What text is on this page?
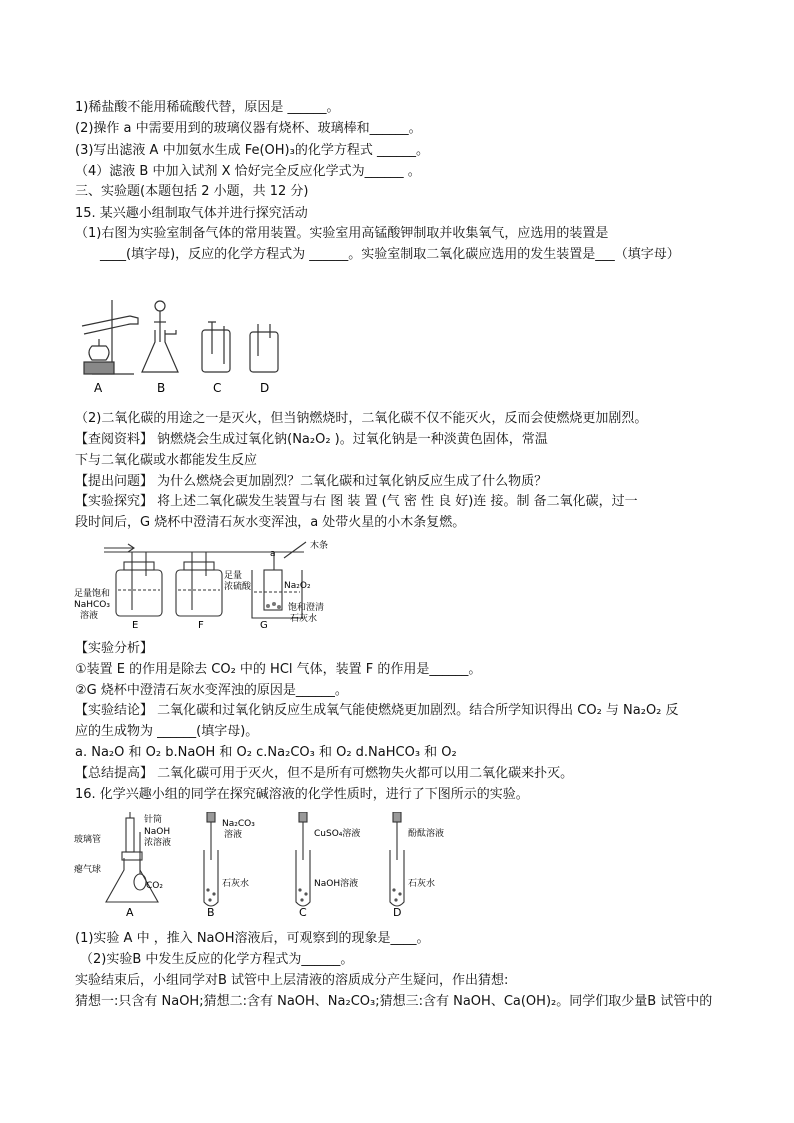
1)稀盐酸不能用稀硫酸代替，原因是 ______。
(2)操作 a 中需要用到的玻璃仪器有烧杯、玻璃棒和______。
(3)写出滤液 A 中加氨水生成 Fe(OH)₃的化学方程式 ______。
（4）滤液 B 中加入试剂 X 恰好完全反应化学式为______ 。
三、实验题(本题包括 2 小题，共 12 分)
15. 某兴趣小组制取气体并进行探究活动
（1)右图为实验室制备气体的常用装置。实验室用高锰酸钾制取并收集氧气，应选用的装置是
____(填字母)，反应的化学方程式为 ______。实验室制取二氧化碳应选用的发生装置是___（填字母）
A	B	C	D
（2)二氧化碳的用途之一是灭火，但当钠燃烧时，二氧化碳不仅不能灭火，反而会使燃烧更加剧烈。
【查阅资料】 钠燃烧会生成过氧化钠(Na₂O₂ )。过氧化钠是一种淡黄色固体，常温
下与二氧化碳或水都能发生反应
【提出问题】 为什么燃烧会更加剧烈？二氧化碳和过氧化钠反应生成了什么物质？
【实验探究】 将上述二氧化碳发生装置与右 图 装 置 (气 密 性 良 好)连 接。制 备二氧化碳，过一
段时间后，G 烧杯中澄清石灰水变浑浊，a 处带火星的小木条复燃。
a
木条
足量饱和
NaHCO₃
溶液
足量
浓硫酸	Na₂O₂
饱和澄清
石灰水
E	F	G
【实验分析】
①装置 E 的作用是除去 CO₂ 中的 HCl 气体，装置 F 的作用是______。
②G 烧杯中澄清石灰水变浑浊的原因是______。
【实验结论】 二氧化碳和过氧化钠反应生成氧气能使燃烧更加剧烈。结合所学知识得出 CO₂ 与 Na₂O₂ 反
应的生成物为 ______(填字母)。
a. Na₂O 和 O₂ b.NaOH 和 O₂ c.Na₂CO₃ 和 O₂ d.NaHCO₃ 和 O₂
【总结提高】 二氧化碳可用于灭火，但不是所有可燃物失火都可以用二氧化碳来扑灭。
16. 化学兴趣小组的同学在探究碱溶液的化学性质时，进行了下图所示的实验。
针筒
NaOH
浓溶液
玻璃管
瘪气球
CO₂
Na₂CO₃
溶液
石灰水
CuSO₄溶液
NaOH溶液
酚酞溶液
石灰水
A	B	C	D
(1)实验 A 中 ，推入 NaOH溶液后，可观察到的现象是____。
（2)实验B 中发生反应的化学方程式为______。
实验结束后，小组同学对B 试管中上层清液的溶质成分产生疑问，作出猜想:
猜想一:只含有 NaOH;猜想二:含有 NaOH、Na₂CO₃;猜想三:含有 NaOH、Ca(OH)₂。同学们取少量B 试管中的
